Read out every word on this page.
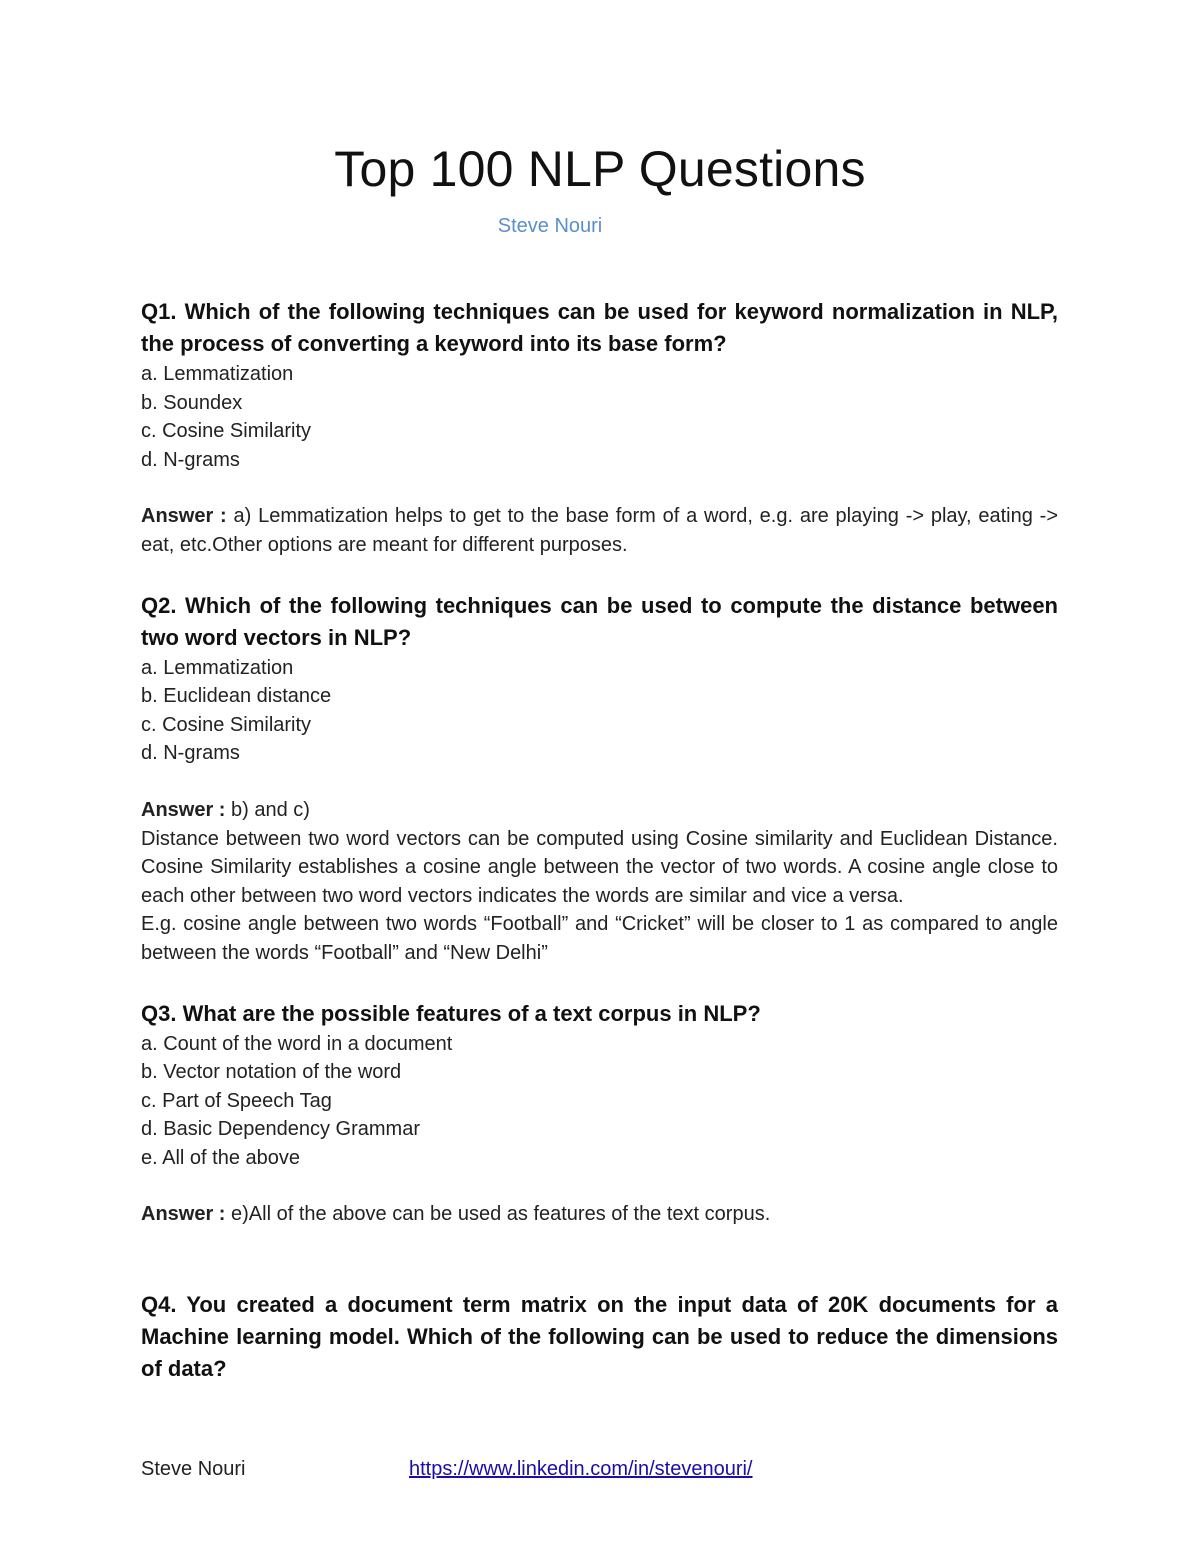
Top 100 NLP Questions

Steve Nouri

Q1. Which of the following techniques can be used for keyword normalization in NLP, the process of converting a keyword into its base form?

a. Lemmatization
b. Soundex
c. Cosine Similarity
d. N-grams

Answer : a) Lemmatization helps to get to the base form of a word, e.g. are playing -> play, eating -> eat, etc.Other options are meant for different purposes.

Q2. Which of the following techniques can be used to compute the distance between two word vectors in NLP?

a. Lemmatization
b. Euclidean distance
c. Cosine Similarity
d. N-grams

Answer : b) and c)

Distance between two word vectors can be computed using Cosine similarity and Euclidean Distance. Cosine Similarity establishes a cosine angle between the vector of two words. A cosine angle close to each other between two word vectors indicates the words are similar and vice a versa.

E.g. cosine angle between two words “Football” and “Cricket” will be closer to 1 as compared to angle between the words “Football” and “New Delhi”

Q3. What are the possible features of a text corpus in NLP?

a. Count of the word in a document
b. Vector notation of the word
c. Part of Speech Tag
d. Basic Dependency Grammar
e. All of the above

Answer : e)All of the above can be used as features of the text corpus.

Q4. You created a document term matrix on the input data of 20K documents for a Machine learning model. Which of the following can be used to reduce the dimensions of data?

Steve Nouri	https://www.linkedin.com/in/stevenouri/
